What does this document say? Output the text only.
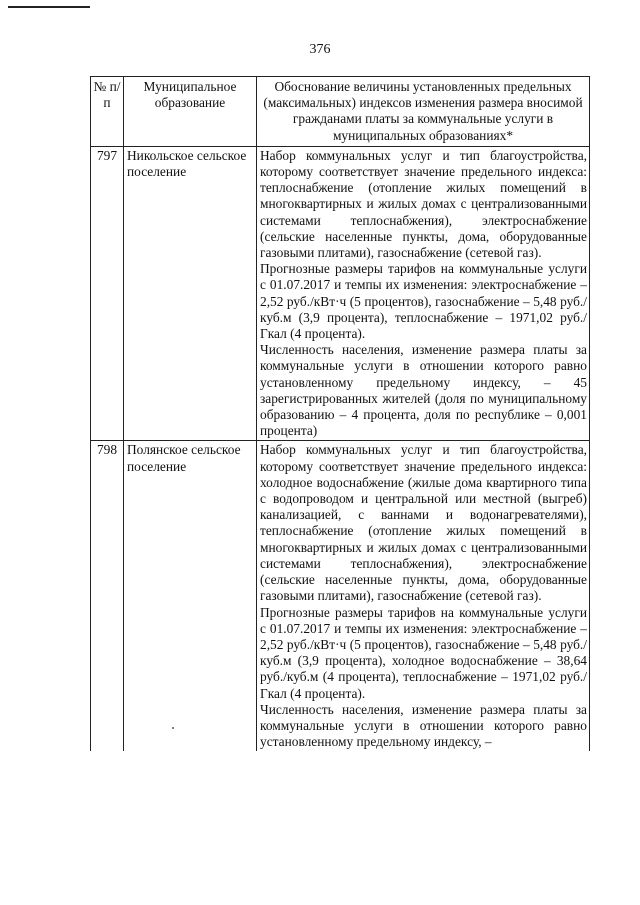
376
№ п/п	Муниципальное образование	Обоснование величины установленных предельных (максимальных) индексов изменения размера вносимой гражданами платы за коммунальные услуги в муниципальных образованиях*
797	Никольское сельское поселение	Набор коммунальных услуг и тип благоустройства, которому соответствует значение предельного индекса: теплоснабжение (отопление жилых помещений в многоквартирных и жилых домах с централизованными системами теплоснабжения), электроснабжение (сельские населенные пункты, дома, оборудованные газовыми плитами), газоснабжение (сетевой газ).

Прогнозные размеры тарифов на коммунальные услуги с 01.07.2017 и темпы их изменения: электроснабжение – 2,52 руб./кВт·ч (5 процентов), газоснабжение – 5,48 руб./куб.м (3,9 процента), теплоснабжение – 1971,02 руб./Гкал (4 процента).

Численность населения, изменение размера платы за коммунальные услуги в отношении которого равно установленному предельному индексу, – 45 зарегистрированных жителей (доля по муниципальному образованию – 4 процента, доля по республике – 0,001 процента)

798	Полянское сельское поселение	Набор коммунальных услуг и тип благоустройства, которому соответствует значение предельного индекса: холодное водоснабжение (жилые дома квартирного типа с водопроводом и центральной или местной (выгреб) канализацией, с ваннами и водонагревателями), теплоснабжение (отопление жилых помещений в многоквартирных и жилых домах с централизованными системами теплоснабжения), электроснабжение (сельские населенные пункты, дома, оборудованные газовыми плитами), газоснабжение (сетевой газ).

Прогнозные размеры тарифов на коммунальные услуги с 01.07.2017 и темпы их изменения: электроснабжение – 2,52 руб./кВт·ч (5 процентов), газоснабжение – 5,48 руб./куб.м (3,9 процента), холодное водоснабжение – 38,64 руб./куб.м (4 процента), теплоснабжение – 1971,02 руб./Гкал (4 процента).

Численность населения, изменение размера платы за коммунальные услуги в отношении которого равно установленному предельному индексу, –
